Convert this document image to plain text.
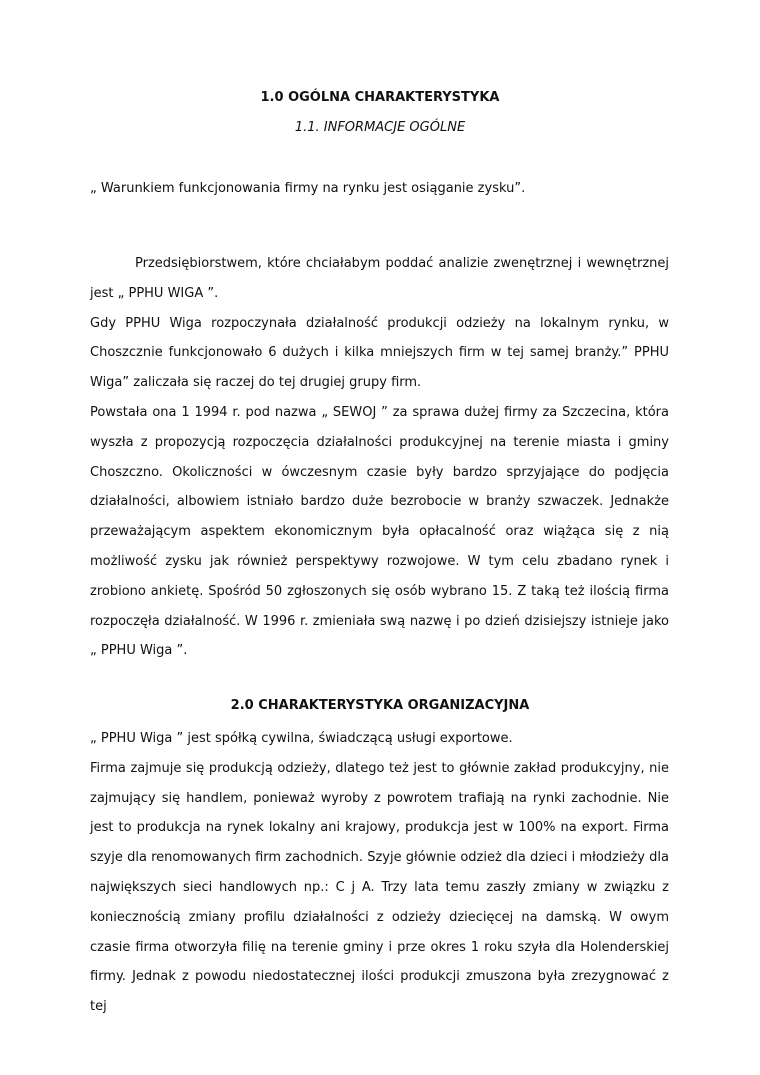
1.0 OGÓLNA CHARAKTERYSTYKA
1.1. INFORMACJE OGÓLNE
„ Warunkiem funkcjonowania firmy na rynku jest osiąganie zysku”.

Przedsiębiorstwem, które chciałabym poddać analizie zwenętrznej i wewnętrznej jest „ PPHU WIGA ”.

Gdy PPHU Wiga rozpoczynała działalność produkcji odzieży na lokalnym rynku, w Choszcznie funkcjonowało 6 dużych i kilka mniejszych firm w tej samej branży.” PPHU Wiga” zaliczała się raczej do tej drugiej grupy firm.

Powstała ona 1 1994 r. pod nazwa „ SEWOJ ” za sprawa dużej firmy za Szczecina, która wyszła z propozycją rozpoczęcia działalności produkcyjnej na terenie miasta i gminy Choszczno. Okoliczności w ówczesnym czasie były bardzo sprzyjające do podjęcia działalności, albowiem istniało bardzo duże bezrobocie w branży szwaczek. Jednakże przeważającym aspektem ekonomicznym była opłacalność oraz wiążąca się z nią możliwość zysku jak również perspektywy rozwojowe. W tym celu zbadano rynek i zrobiono ankietę. Spośród 50 zgłoszonych się osób wybrano 15. Z taką też ilością firma rozpoczęła działalność. W 1996 r. zmieniała swą nazwę i po dzień dzisiejszy istnieje jako „ PPHU Wiga ”.

2.0 CHARAKTERYSTYKA ORGANIZACYJNA

„ PPHU Wiga ” jest spółką cywilna, świadczącą usługi exportowe.

Firma zajmuje się produkcją odzieży, dlatego też jest to głównie zakład produkcyjny, nie zajmujący się handlem, ponieważ wyroby z powrotem trafiają na rynki zachodnie. Nie jest to produkcja na rynek lokalny ani krajowy, produkcja jest w 100% na export. Firma szyje dla renomowanych firm zachodnich. Szyje głównie odzież dla dzieci i młodzieży dla największych sieci handlowych np.: C j A. Trzy lata temu zaszły zmiany w związku z koniecznością zmiany profilu działalności z odzieży dziecięcej na damską. W owym czasie firma otworzyła filię na terenie gminy i prze okres 1 roku szyła dla Holenderskiej firmy. Jednak z powodu niedostatecznej ilości produkcji zmuszona była zrezygnować z tej
